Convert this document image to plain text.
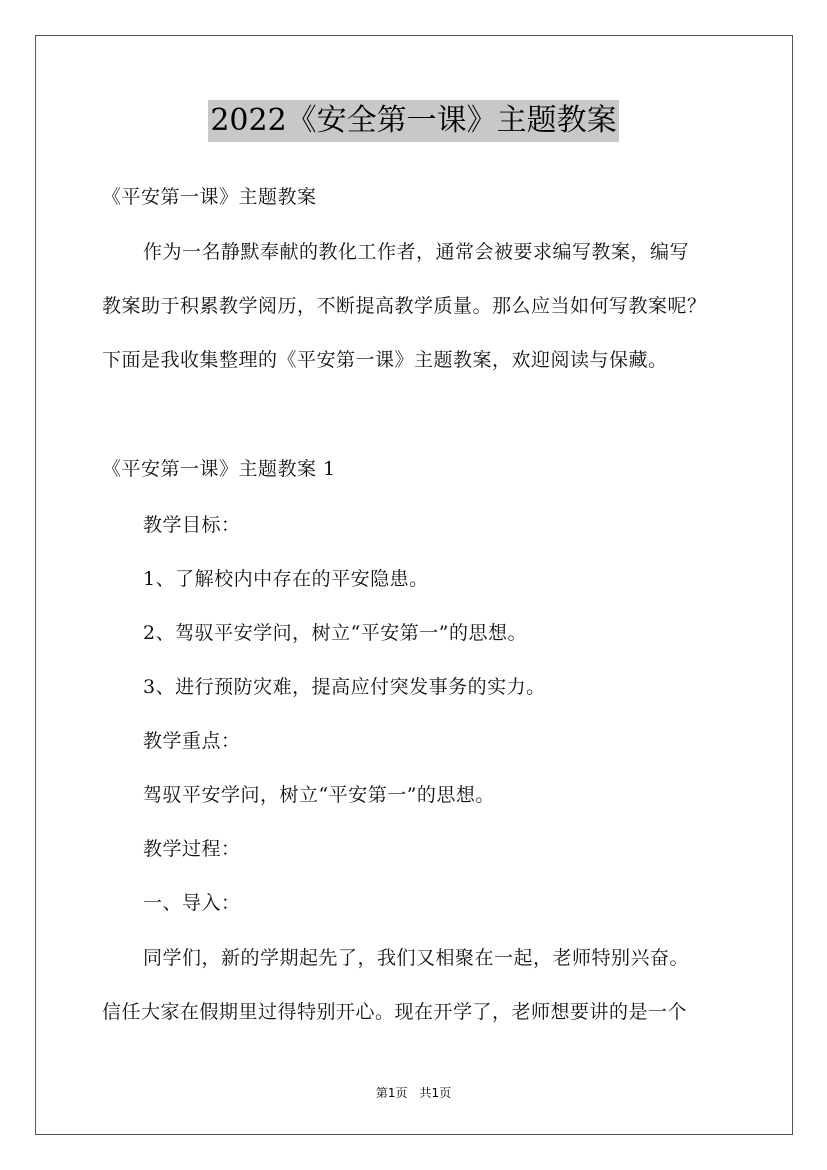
2022《安全第一课》主题教案
《平安第一课》主题教案
作为一名静默奉献的教化工作者，通常会被要求编写教案，编写
教案助于积累教学阅历，不断提高教学质量。那么应当如何写教案呢？
下面是我收集整理的《平安第一课》主题教案，欢迎阅读与保藏。
《平安第一课》主题教案 1
教学目标：
1、了解校内中存在的平安隐患。
2、驾驭平安学问，树立“平安第一”的思想。
3、进行预防灾难，提高应付突发事务的实力。
教学重点：
驾驭平安学问，树立“平安第一”的思想。
教学过程：
一、导入：
同学们，新的学期起先了，我们又相聚在一起，老师特别兴奋。
信任大家在假期里过得特别开心。现在开学了，老师想要讲的是一个
第1页　共1页
